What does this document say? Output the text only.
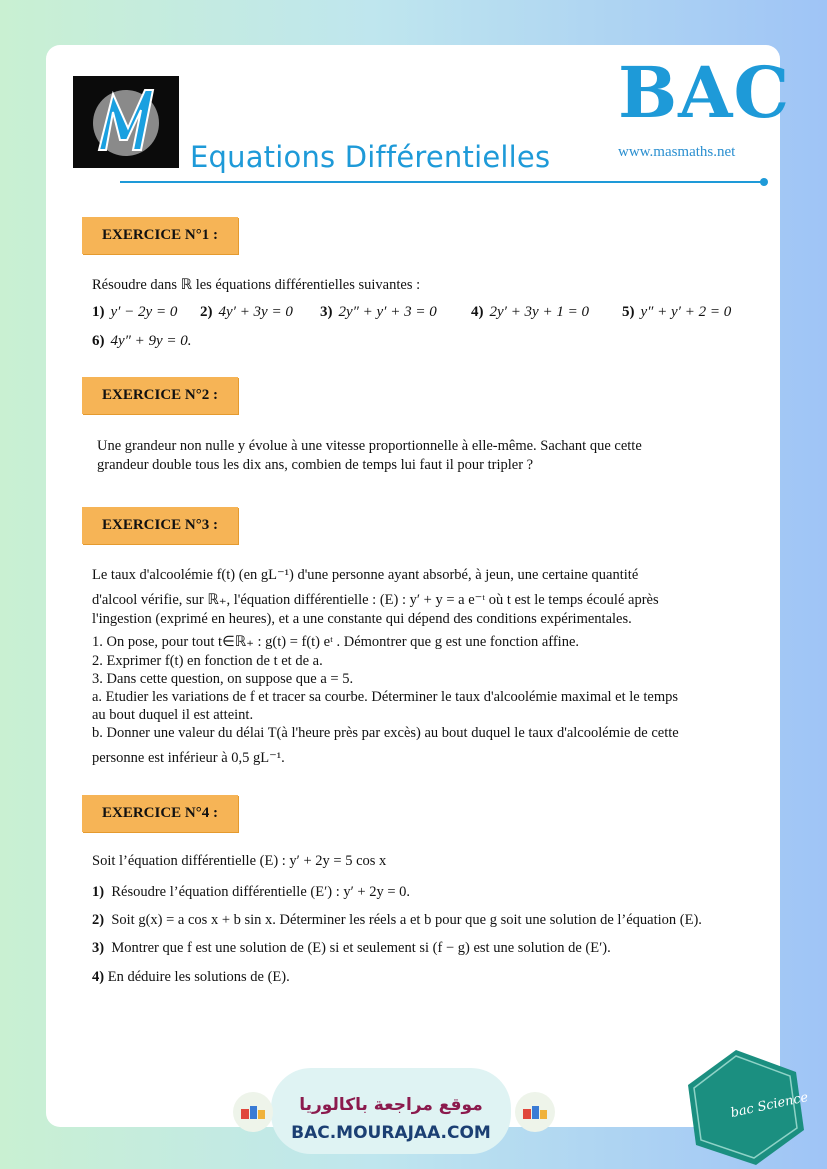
Equations Différentielles
BAC
www.masmaths.net
EXERCICE N°1 :
Résoudre dans ℝ les équations différentielles suivantes :
1) y′ − 2y = 0 2) 4y′ + 3y = 0 3) 2y″ + y′ + 3 = 0 4) 2y′ + 3y + 1 = 0 5) y″ + y′ + 2 = 0
6) 4y″ + 9y = 0.
EXERCICE N°2 :
Une grandeur non nulle y évolue à une vitesse proportionnelle à elle-même. Sachant que cette
grandeur double tous les dix ans, combien de temps lui faut il pour tripler ?
EXERCICE N°3 :
Le taux d'alcoolémie f(t) (en gL⁻¹) d'une personne ayant absorbé, à jeun, une certaine quantité
d'alcool vérifie, sur ℝ₊, l'équation différentielle : (E) : y′ + y = a e⁻ᵗ où t est le temps écoulé après
l'ingestion (exprimé en heures), et a une constante qui dépend des conditions expérimentales.
1. On pose, pour tout t∈ℝ₊ : g(t) = f(t) eᵗ . Démontrer que g est une fonction affine.
2. Exprimer f(t) en fonction de t et de a.
3. Dans cette question, on suppose que a = 5.
a. Etudier les variations de f et tracer sa courbe. Déterminer le taux d'alcoolémie maximal et le temps
au bout duquel il est atteint.
b. Donner une valeur du délai T(à l'heure près par excès) au bout duquel le taux d'alcoolémie de cette
personne est inférieur à 0,5 gL⁻¹.
EXERCICE N°4 :
Soit l’équation différentielle (E) : y′ + 2y = 5 cos x
1) Résoudre l’équation différentielle (E′) : y′ + 2y = 0.
2) Soit g(x) = a cos x + b sin x. Déterminer les réels a et b pour que g soit une solution de l’équation (E).
3) Montrer que f est une solution de (E) si et seulement si (f − g) est une solution de (E′).
4) En déduire les solutions de (E).
موقع مراجعة باكالوريا
BAC.MOURAJAA.COM
bac Science
